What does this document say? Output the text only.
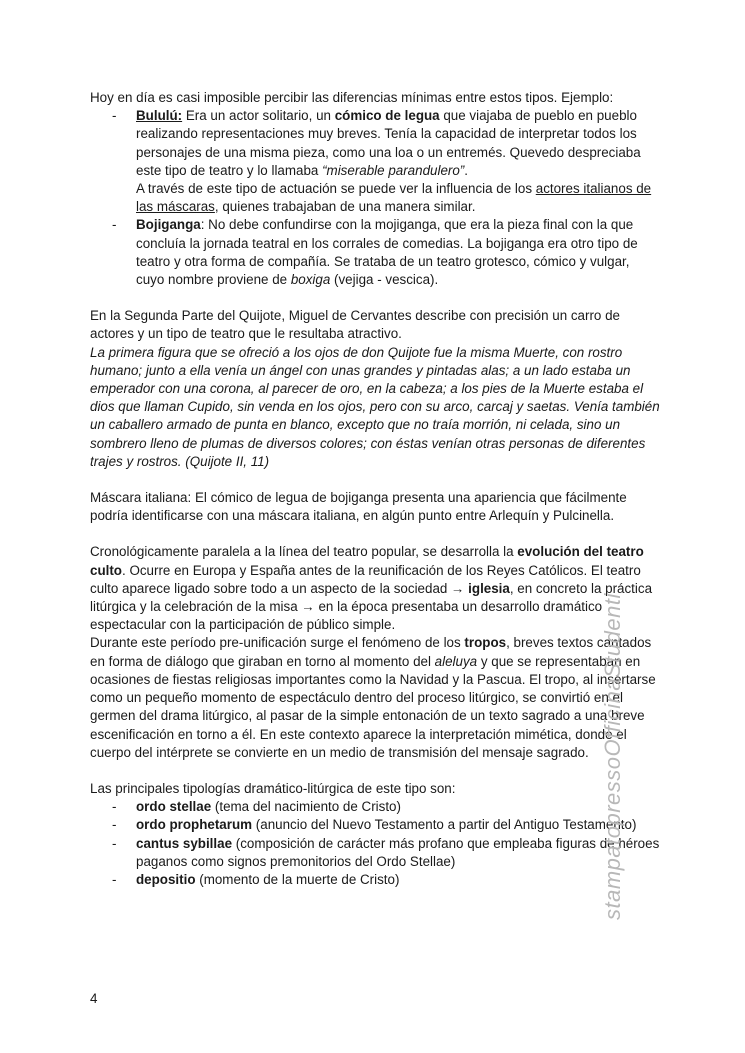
Hoy en día es casi imposible percibir las diferencias mínimas entre estos tipos. Ejemplo:

- Bululú: Era un actor solitario, un cómico de legua que viajaba de pueblo en pueblo realizando representaciones muy breves. Tenía la capacidad de interpretar todos los personajes de una misma pieza, como una loa o un entremés. Quevedo despreciaba este tipo de teatro y lo llamaba “miserable parandulero”.
A través de este tipo de actuación se puede ver la influencia de los actores italianos de las máscaras, quienes trabajaban de una manera similar.
- Bojiganga: No debe confundirse con la mojiganga, que era la pieza final con la que concluía la jornada teatral en los corrales de comedias. La bojiganga era otro tipo de teatro y otra forma de compañía. Se trataba de un teatro grotesco, cómico y vulgar, cuyo nombre proviene de boxiga (vejiga - vescica).

En la Segunda Parte del Quijote, Miguel de Cervantes describe con precisión un carro de actores y un tipo de teatro que le resultaba atractivo.

La primera figura que se ofreció a los ojos de don Quijote fue la misma Muerte, con rostro humano; junto a ella venía un ángel con unas grandes y pintadas alas; a un lado estaba un emperador con una corona, al parecer de oro, en la cabeza; a los pies de la Muerte estaba el dios que llaman Cupido, sin venda en los ojos, pero con su arco, carcaj y saetas. Venía también un caballero armado de punta en blanco, excepto que no traía morrión, ni celada, sino un sombrero lleno de plumas de diversos colores; con éstas venían otras personas de diferentes trajes y rostros. (Quijote II, 11)

Máscara italiana: El cómico de legua de bojiganga presenta una apariencia que fácilmente podría identificarse con una máscara italiana, en algún punto entre Arlequín y Pulcinella.

Cronológicamente paralela a la línea del teatro popular, se desarrolla la evolución del teatro culto. Ocurre en Europa y España antes de la reunificación de los Reyes Católicos. El teatro culto aparece ligado sobre todo a un aspecto de la sociedad → iglesia, en concreto la práctica litúrgica y la celebración de la misa → en la época presentaba un desarrollo dramático espectacular con la participación de público simple.

Durante este período pre-unificación surge el fenómeno de los tropos, breves textos cantados en forma de diálogo que giraban en torno al momento del aleluya y que se representaban en ocasiones de fiestas religiosas importantes como la Navidad y la Pascua. El tropo, al insertarse como un pequeño momento de espectáculo dentro del proceso litúrgico, se convirtió en el germen del drama litúrgico, al pasar de la simple entonación de un texto sagrado a una breve escenificación en torno a él. En este contexto aparece la interpretación mimética, donde el cuerpo del intérprete se convierte en un medio de transmisión del mensaje sagrado.

Las principales tipologías dramático-litúrgica de este tipo son:

- ordo stellae (tema del nacimiento de Cristo)
- ordo prophetarum (anuncio del Nuevo Testamento a partir del Antiguo Testamento)
- cantus sybillae (composición de carácter más profano que empleaba figuras de héroes paganos como signos premonitorios del Ordo Stellae)
- depositio (momento de la muerte de Cristo)
4
stampatopressoOfficinaStudenti
